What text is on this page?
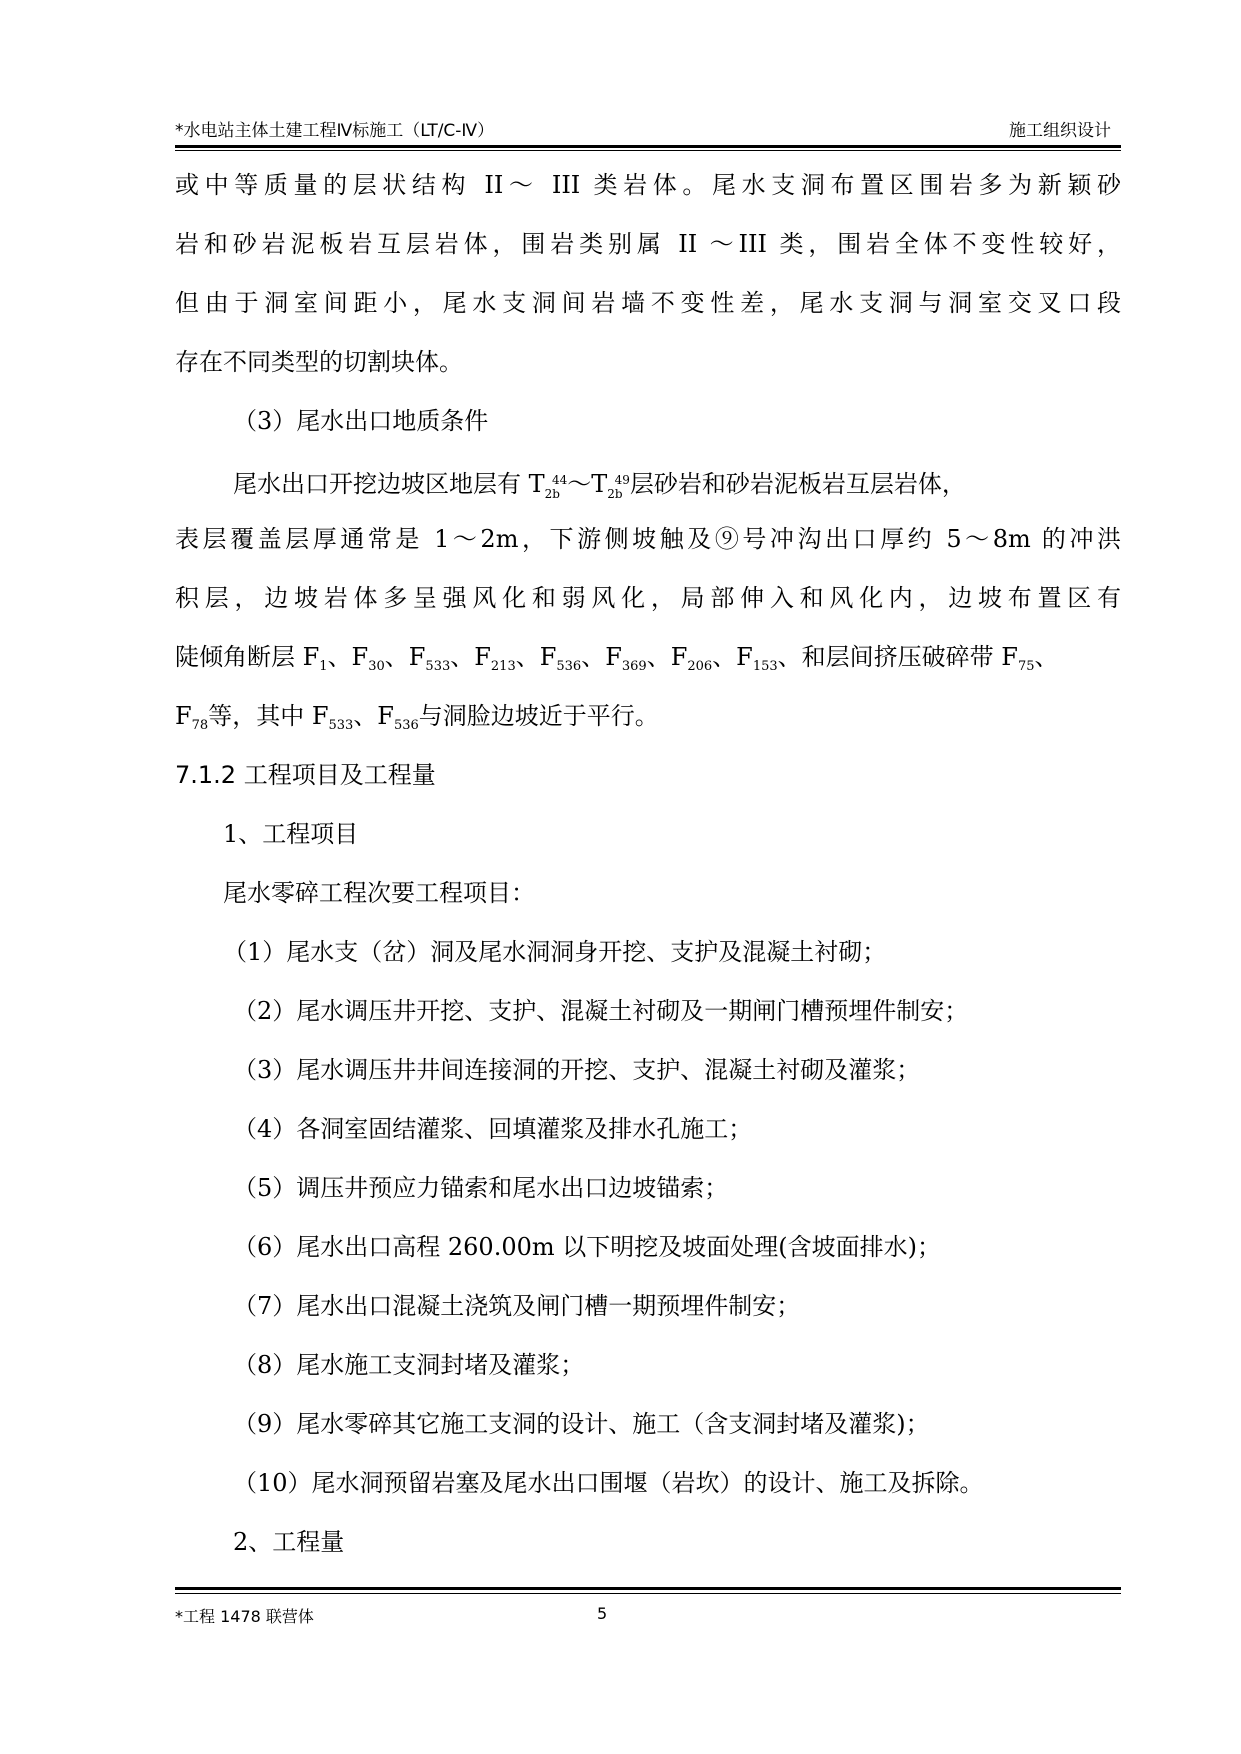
*水电站主体土建工程Ⅳ标施工（LT/C-Ⅳ）	施工组织设计
或中等质量的层状结构 II～ III 类岩体。尾水支洞布置区围岩多为新颖砂
岩和砂岩泥板岩互层岩体，围岩类别属 II ～III 类，围岩全体不变性较好，
但由于洞室间距小，尾水支洞间岩墙不变性差，尾水支洞与洞室交叉口段
存在不同类型的切割块体。
（3）尾水出口地质条件
尾水出口开挖边坡区地层有 $T_{2b}^{44}\sim T_{2b}^{49}$层砂岩和砂岩泥板岩互层岩体，
表层覆盖层厚通常是 1～2m，下游侧坡触及⑨号冲沟出口厚约 5～8m 的冲洪
积层，边坡岩体多呈强风化和弱风化，局部伸入和风化内，边坡布置区有
陡倾角断层 $F_1$、$F_{30}$、$F_{533}$、$F_{213}$、$F_{536}$、$F_{369}$、$F_{206}$、$F_{153}$、和层间挤压破碎带 $F_{75}$、
$F_{78}$等，其中 $F_{533}$、$F_{536}$与洞脸边坡近于平行。
7.1.2 工程项目及工程量
1、工程项目
尾水零碎工程次要工程项目：
（1）尾水支（岔）洞及尾水洞洞身开挖、支护及混凝土衬砌；
（2）尾水调压井开挖、支护、混凝土衬砌及一期闸门槽预埋件制安；
（3）尾水调压井井间连接洞的开挖、支护、混凝土衬砌及灌浆；
（4）各洞室固结灌浆、回填灌浆及排水孔施工；
（5）调压井预应力锚索和尾水出口边坡锚索；
（6）尾水出口高程 260.00m 以下明挖及坡面处理(含坡面排水)；
（7）尾水出口混凝土浇筑及闸门槽一期预埋件制安；
（8）尾水施工支洞封堵及灌浆；
（9）尾水零碎其它施工支洞的设计、施工（含支洞封堵及灌浆)；
（10）尾水洞预留岩塞及尾水出口围堰（岩坎）的设计、施工及拆除。
2、工程量
*工程 1478 联营体	5
